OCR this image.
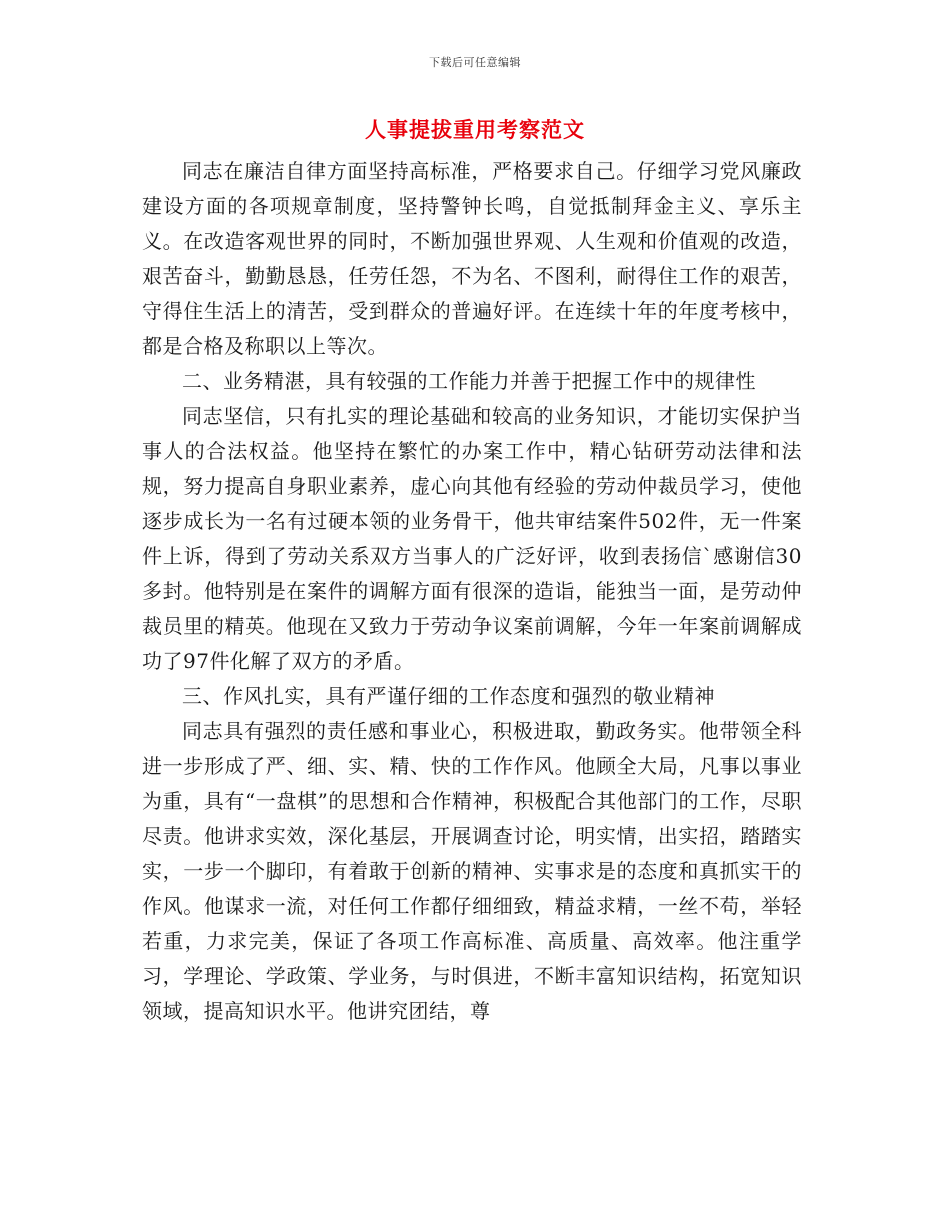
下载后可任意编辑
人事提拔重用考察范文

同志在廉洁自律方面坚持高标准，严格要求自己。仔细学习党风廉政建设方面的各项规章制度，坚持警钟长鸣，自觉抵制拜金主义、享乐主义。在改造客观世界的同时，不断加强世界观、人生观和价值观的改造，艰苦奋斗，勤勤恳恳，任劳任怨，不为名、不图利，耐得住工作的艰苦，守得住生活上的清苦，受到群众的普遍好评。在连续十年的年度考核中，都是合格及称职以上等次。

二、业务精湛，具有较强的工作能力并善于把握工作中的规律性

同志坚信，只有扎实的理论基础和较高的业务知识，才能切实保护当事人的合法权益。他坚持在繁忙的办案工作中，精心钻研劳动法律和法规，努力提高自身职业素养，虚心向其他有经验的劳动仲裁员学习，使他逐步成长为一名有过硬本领的业务骨干，他共审结案件502件，无一件案件上诉，得到了劳动关系双方当事人的广泛好评，收到表扬信`感谢信30多封。他特别是在案件的调解方面有很深的造诣，能独当一面，是劳动仲裁员里的精英。他现在又致力于劳动争议案前调解，今年一年案前调解成功了97件化解了双方的矛盾。

三、作风扎实，具有严谨仔细的工作态度和强烈的敬业精神

同志具有强烈的责任感和事业心，积极进取，勤政务实。他带领全科进一步形成了严、细、实、精、快的工作作风。他顾全大局，凡事以事业为重，具有“一盘棋”的思想和合作精神，积极配合其他部门的工作，尽职尽责。他讲求实效，深化基层，开展调查讨论，明实情，出实招，踏踏实实，一步一个脚印，有着敢于创新的精神、实事求是的态度和真抓实干的作风。他谋求一流，对任何工作都仔细细致，精益求精，一丝不苟，举轻若重，力求完美，保证了各项工作高标准、高质量、高效率。他注重学习，学理论、学政策、学业务，与时俱进，不断丰富知识结构，拓宽知识领域，提高知识水平。他讲究团结，尊
